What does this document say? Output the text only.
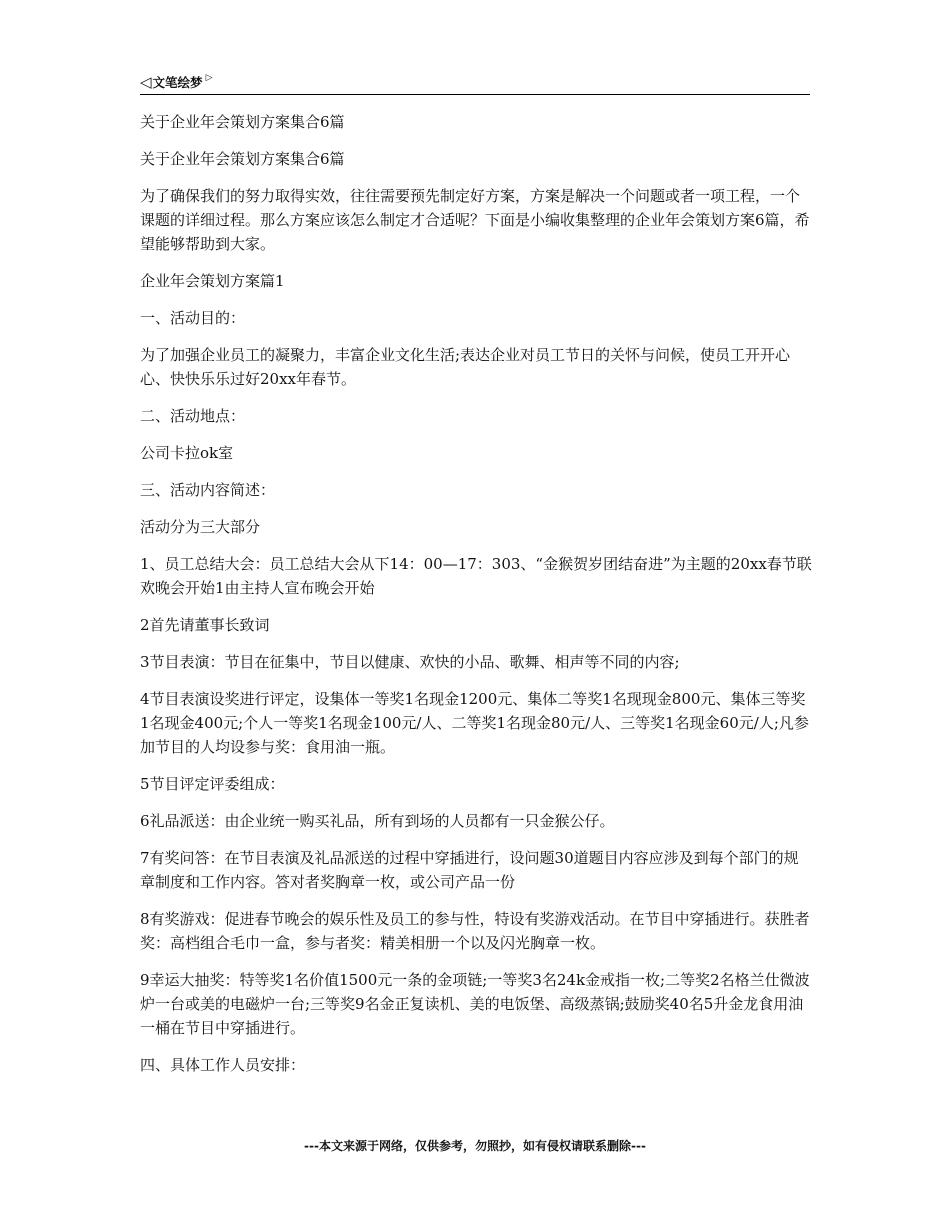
◁ 文笔绘梦 ▷

关于企业年会策划方案集合6篇

关于企业年会策划方案集合6篇

为了确保我们的努力取得实效，往往需要预先制定好方案，方案是解决一个问题或者一项工程，一个课题的详细过程。那么方案应该怎么制定才合适呢？下面是小编收集整理的企业年会策划方案6篇，希望能够帮助到大家。

企业年会策划方案篇1

一、活动目的：

为了加强企业员工的凝聚力，丰富企业文化生活;表达企业对员工节日的关怀与问候，使员工开开心心、快快乐乐过好20xx年春节。

二、活动地点：

公司卡拉ok室

三、活动内容简述：

活动分为三大部分

1、员工总结大会：员工总结大会从下14：00—17：303、“金猴贺岁团结奋进”为主题的20xx春节联欢晚会开始1由主持人宣布晚会开始

2首先请董事长致词

3节目表演：节目在征集中，节目以健康、欢快的小品、歌舞、相声等不同的内容;

4节目表演设奖进行评定，设集体一等奖1名现金1200元、集体二等奖1名现现金800元、集体三等奖1名现金400元;个人一等奖1名现金100元/人、二等奖1名现金80元/人、三等奖1名现金60元/人;凡参加节目的人均设参与奖：食用油一瓶。

5节目评定评委组成：

6礼品派送：由企业统一购买礼品，所有到场的人员都有一只金猴公仔。

7有奖问答：在节目表演及礼品派送的过程中穿插进行，设问题30道题目内容应涉及到每个部门的规章制度和工作内容。答对者奖胸章一枚，或公司产品一份

8有奖游戏：促进春节晚会的娱乐性及员工的参与性，特设有奖游戏活动。在节目中穿插进行。获胜者奖：高档组合毛巾一盒，参与者奖：精美相册一个以及闪光胸章一枚。

9幸运大抽奖：特等奖1名价值1500元一条的金项链;一等奖3名24k金戒指一枚;二等奖2名格兰仕微波炉一台或美的电磁炉一台;三等奖9名金正复读机、美的电饭堡、高级蒸锅;鼓励奖40名5升金龙食用油一桶在节目中穿插进行。

四、具体工作人员安排：

---本文来源于网络，仅供参考，勿照抄，如有侵权请联系删除---
